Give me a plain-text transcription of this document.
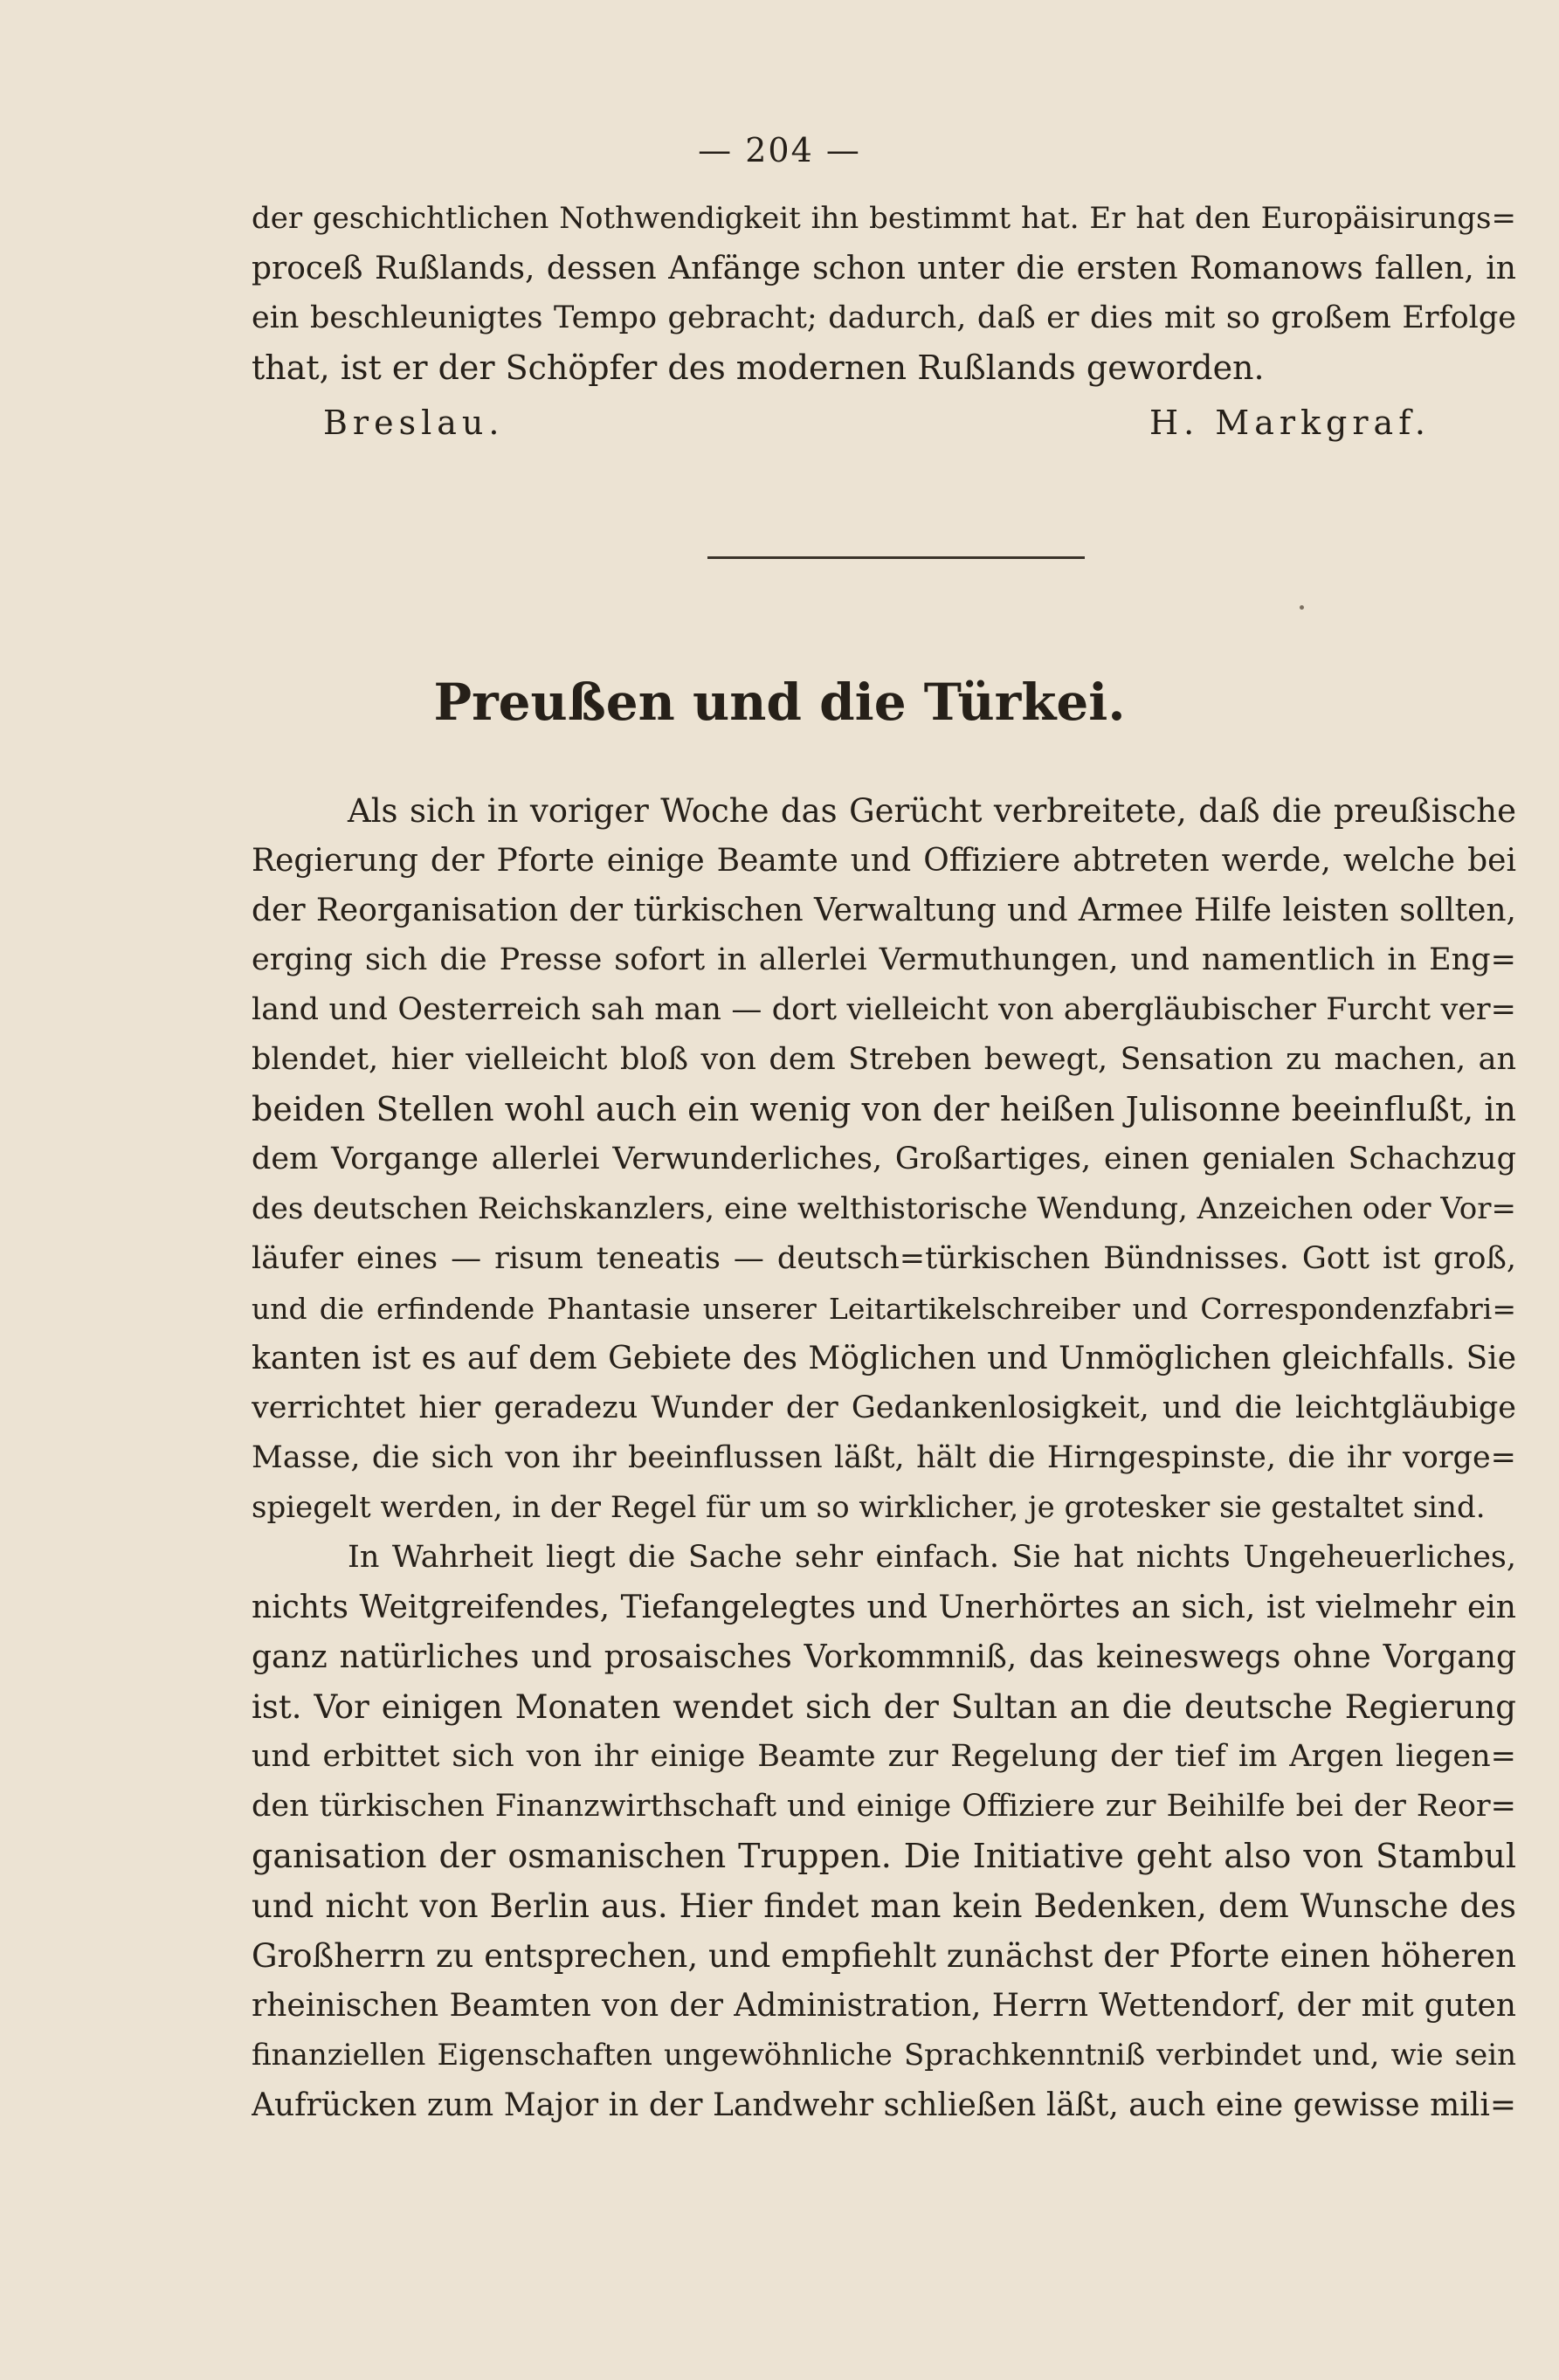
— 204 —
der geschichtlichen Nothwendigkeit ihn bestimmt hat. Er hat den Europäisirungs=
proceß Rußlands, dessen Anfänge schon unter die ersten Romanows fallen, in
ein beschleunigtes Tempo gebracht; dadurch, daß er dies mit so großem Erfolge
that, ist er der Schöpfer des modernen Rußlands geworden.
Breslau.	H. Markgraf.
Preußen und die Türkei.
Als sich in voriger Woche das Gerücht verbreitete, daß die preußische
Regierung der Pforte einige Beamte und Offiziere abtreten werde, welche bei
der Reorganisation der türkischen Verwaltung und Armee Hilfe leisten sollten,
erging sich die Presse sofort in allerlei Vermuthungen, und namentlich in Eng=
land und Oesterreich sah man — dort vielleicht von abergläubischer Furcht ver=
blendet, hier vielleicht bloß von dem Streben bewegt, Sensation zu machen, an
beiden Stellen wohl auch ein wenig von der heißen Julisonne beeinflußt, in
dem Vorgange allerlei Verwunderliches, Großartiges, einen genialen Schachzug
des deutschen Reichskanzlers, eine welthistorische Wendung, Anzeichen oder Vor=
läufer eines — risum teneatis — deutsch=türkischen Bündnisses. Gott ist groß,
und die erfindende Phantasie unserer Leitartikelschreiber und Correspondenzfabri=
kanten ist es auf dem Gebiete des Möglichen und Unmöglichen gleichfalls. Sie
verrichtet hier geradezu Wunder der Gedankenlosigkeit, und die leichtgläubige
Masse, die sich von ihr beeinflussen läßt, hält die Hirngespinste, die ihr vorge=
spiegelt werden, in der Regel für um so wirklicher, je grotesker sie gestaltet sind.
In Wahrheit liegt die Sache sehr einfach. Sie hat nichts Ungeheuerliches,
nichts Weitgreifendes, Tiefangelegtes und Unerhörtes an sich, ist vielmehr ein
ganz natürliches und prosaisches Vorkommniß, das keineswegs ohne Vorgang
ist. Vor einigen Monaten wendet sich der Sultan an die deutsche Regierung
und erbittet sich von ihr einige Beamte zur Regelung der tief im Argen liegen=
den türkischen Finanzwirthschaft und einige Offiziere zur Beihilfe bei der Reor=
ganisation der osmanischen Truppen. Die Initiative geht also von Stambul
und nicht von Berlin aus. Hier findet man kein Bedenken, dem Wunsche des
Großherrn zu entsprechen, und empfiehlt zunächst der Pforte einen höheren
rheinischen Beamten von der Administration, Herrn Wettendorf, der mit guten
finanziellen Eigenschaften ungewöhnliche Sprachkenntniß verbindet und, wie sein
Aufrücken zum Major in der Landwehr schließen läßt, auch eine gewisse mili=
